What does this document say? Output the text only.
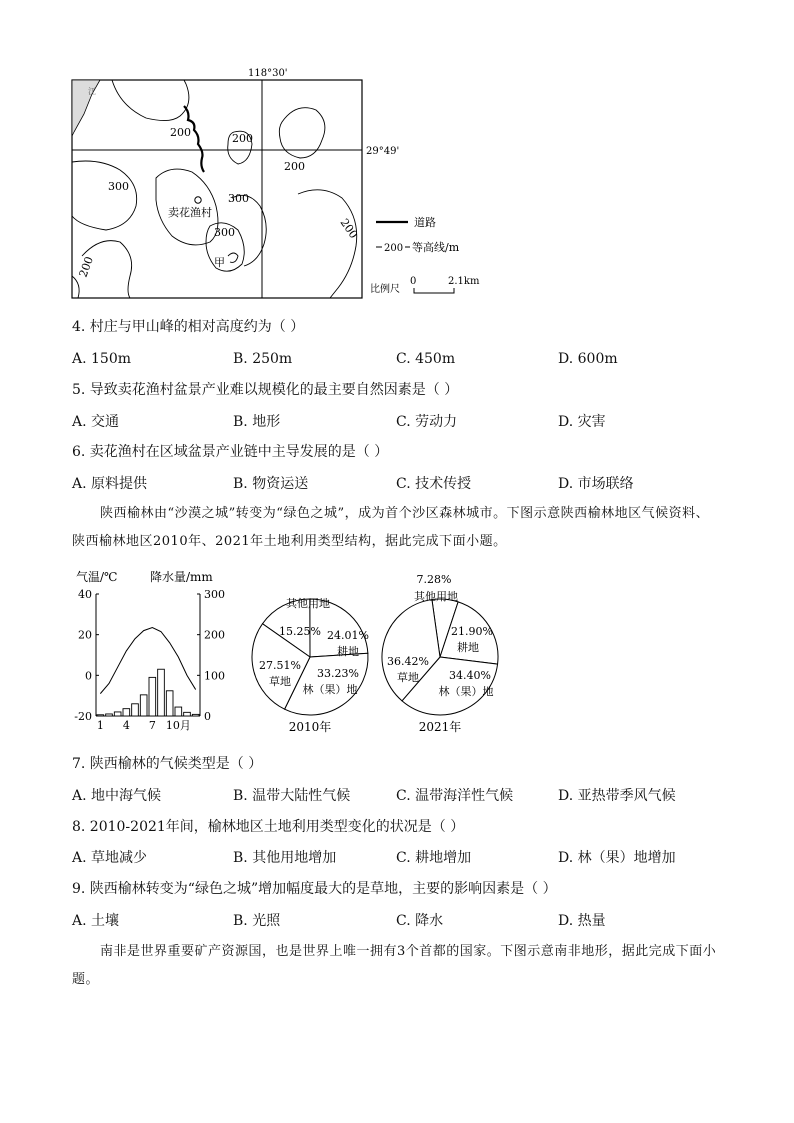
118°30'
29°49'
江
200	200
200
300
300
300
200
200
卖花渔村
甲
道路
200 等高线/m
比例尺
0	2.1km
4. 村庄与甲山峰的相对高度约为（ ）
A. 150m	B. 250m	C. 450m	D. 600m
5. 导致卖花渔村盆景产业难以规模化的最主要自然因素是（ ）
A. 交通	B. 地形	C. 劳动力	D. 灾害
6. 卖花渔村在区域盆景产业链中主导发展的是（ ）
A. 原料提供	B. 物资运送	C. 技术传授	D. 市场联络
陕西榆林由“沙漠之城”转变为“绿色之城”，成为首个沙区森林城市。下图示意陕西榆林地区气候资料、陕西榆林地区2010年、2021年土地利用类型结构，据此完成下面小题。
气温/℃	降水量/mm
40
20
0
-20
300
200
100
0
1 4 7 10月
其他用地
15.25% 24.01%
耕地
27.51%
草地
33.23%
林（果）地
2010年
7.28%
其他用地
21.90%
耕地
36.42%
草地	34.40%
林（果）地
2021年
7. 陕西榆林的气候类型是（ ）
A. 地中海气候	B. 温带大陆性气候	C. 温带海洋性气候	D. 亚热带季风气候
8. 2010-2021年间，榆林地区土地利用类型变化的状况是（ ）
A. 草地减少	B. 其他用地增加	C. 耕地增加	D. 林（果）地增加
9. 陕西榆林转变为“绿色之城”增加幅度最大的是草地，主要的影响因素是（ ）
A. 土壤	B. 光照	C. 降水	D. 热量
南非是世界重要矿产资源国，也是世界上唯一拥有3个首都的国家。下图示意南非地形，据此完成下面小题。
